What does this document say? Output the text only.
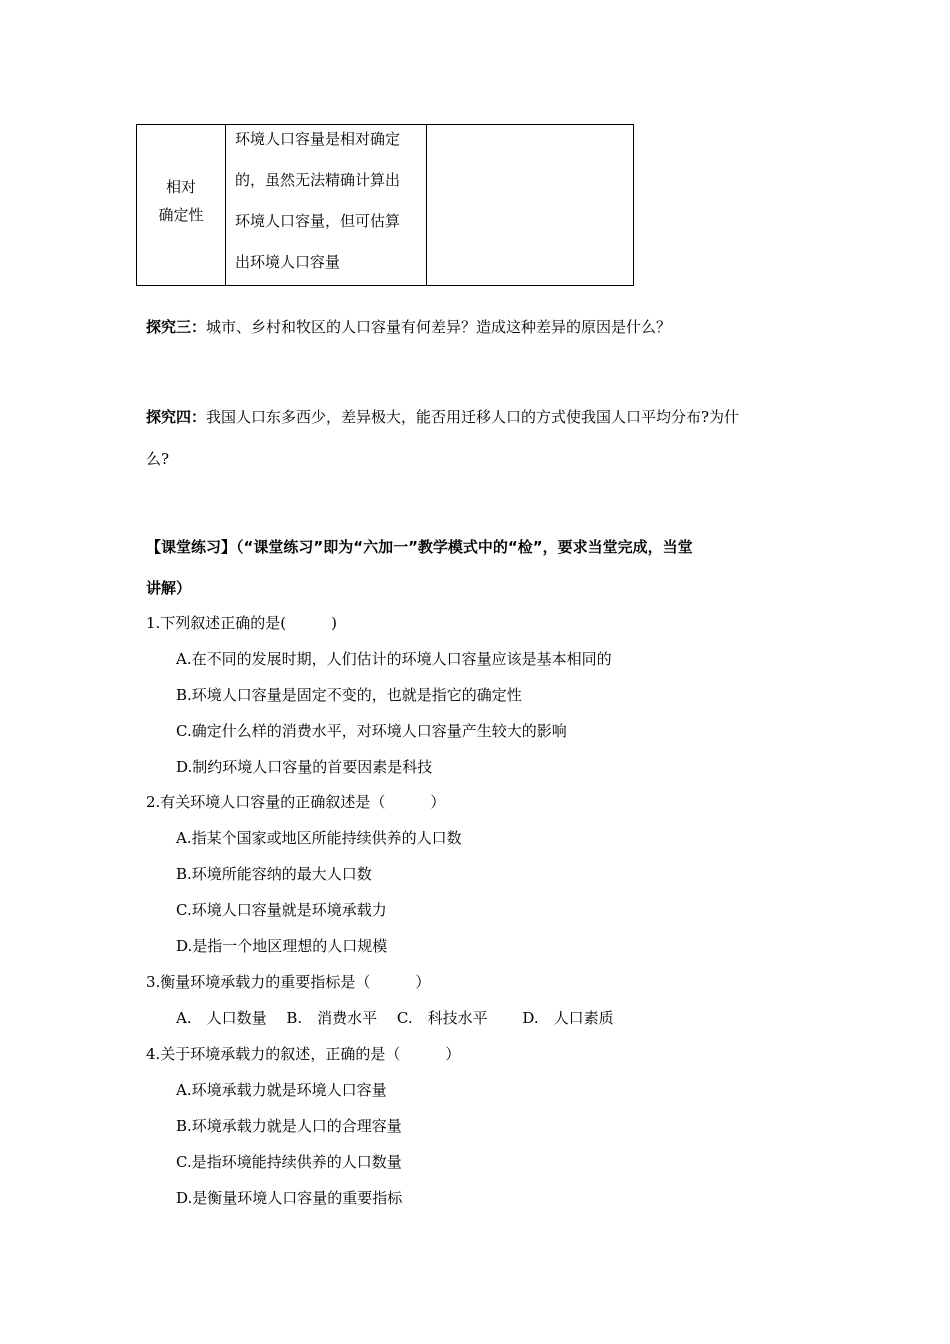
相对
确定性
环境人口容量是相对确定
的，虽然无法精确计算出
环境人口容量，但可估算
出环境人口容量
探究三：城市、乡村和牧区的人口容量有何差异？造成这种差异的原因是什么？
探究四：我国人口东多西少，差异极大，能否用迁移人口的方式使我国人口平均分布?为什
么?
【课堂练习】（“课堂练习”即为“六加一”教学模式中的“检”，要求当堂完成，当堂
讲解）
1.下列叙述正确的是(　　　)
A.在不同的发展时期，人们估计的环境人口容量应该是基本相同的
B.环境人口容量是固定不变的，也就是指它的确定性
C.确定什么样的消费水平，对环境人口容量产生较大的影响
D.制约环境人口容量的首要因素是科技
2.有关环境人口容量的正确叙述是（　　　）
A.指某个国家或地区所能持续供养的人口数
B.环境所能容纳的最大人口数
C.环境人口容量就是环境承载力
D.是指一个地区理想的人口规模
3.衡量环境承载力的重要指标是（　　　）
A.　人口数量　 B.　消费水平　 C.　科技水平　　 D.　人口素质
4.关于环境承载力的叙述，正确的是（　　　）
A.环境承载力就是环境人口容量
B.环境承载力就是人口的合理容量
C.是指环境能持续供养的人口数量
D.是衡量环境人口容量的重要指标
